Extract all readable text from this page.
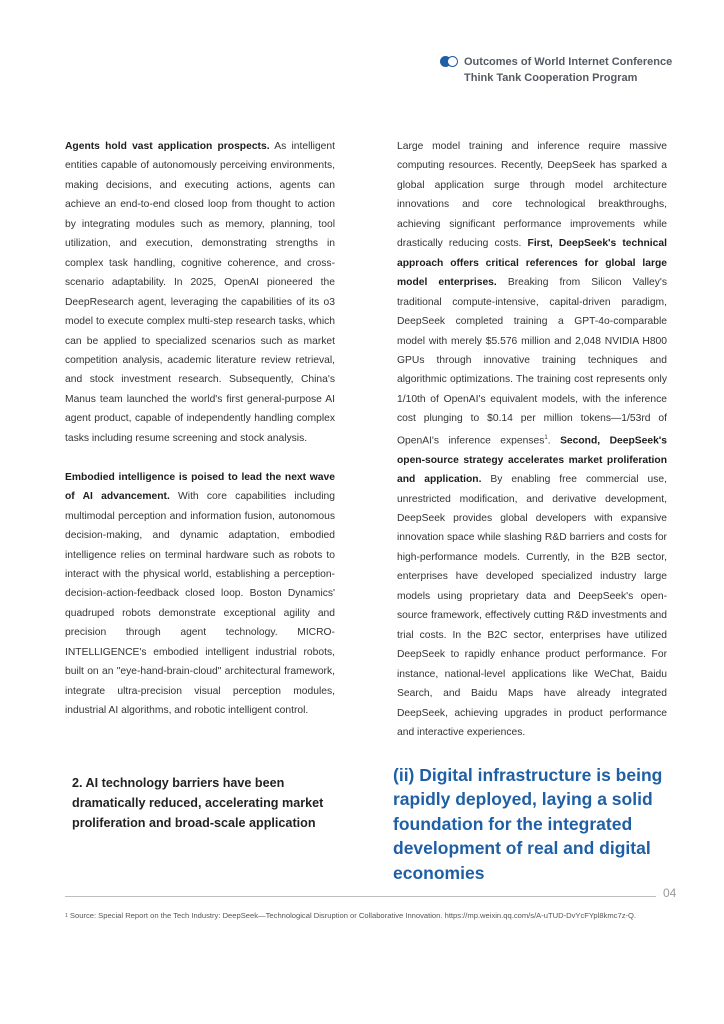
Outcomes of World Internet Conference
Think Tank Cooperation Program

Agents hold vast application prospects. As intelligent entities capable of autonomously perceiving environments, making decisions, and executing actions, agents can achieve an end-to-end closed loop from thought to action by integrating modules such as memory, planning, tool utilization, and execution, demonstrating strengths in complex task handling, cognitive coherence, and cross-scenario adaptability. In 2025, OpenAI pioneered the DeepResearch agent, leveraging the capabilities of its o3 model to execute complex multi-step research tasks, which can be applied to specialized scenarios such as market competition analysis, academic literature review retrieval, and stock investment research. Subsequently, China's Manus team launched the world's first general-purpose AI agent product, capable of independently handling complex tasks including resume screening and stock analysis.

Embodied intelligence is poised to lead the next wave of AI advancement. With core capabilities including multimodal perception and information fusion, autonomous decision-making, and dynamic adaptation, embodied intelligence relies on terminal hardware such as robots to interact with the physical world, establishing a perception-decision-action-feedback closed loop. Boston Dynamics' quadruped robots demonstrate exceptional agility and precision through agent technology. MICRO-INTELLIGENCE's embodied intelligent industrial robots, built on an "eye-hand-brain-cloud" architectural framework, integrate ultra-precision visual perception modules, industrial AI algorithms, and robotic intelligent control.

2. AI technology barriers have been dramatically reduced, accelerating market proliferation and broad-scale application

Large model training and inference require massive computing resources. Recently, DeepSeek has sparked a global application surge through model architecture innovations and core technological breakthroughs, achieving significant performance improvements while drastically reducing costs. First, DeepSeek's technical approach offers critical references for global large model enterprises. Breaking from Silicon Valley's traditional compute-intensive, capital-driven paradigm, DeepSeek completed training a GPT-4o-comparable model with merely $5.576 million and 2,048 NVIDIA H800 GPUs through innovative training techniques and algorithmic optimizations. The training cost represents only 1/10th of OpenAI's equivalent models, with the inference cost plunging to $0.14 per million tokens—1/53rd of OpenAI's inference expenses$^1$. Second, DeepSeek's open-source strategy accelerates market proliferation and application. By enabling free commercial use, unrestricted modification, and derivative development, DeepSeek provides global developers with expansive innovation space while slashing R&D barriers and costs for high-performance models. Currently, in the B2B sector, enterprises have developed specialized industry large models using proprietary data and DeepSeek's open-source framework, effectively cutting R&D investments and trial costs. In the B2C sector, enterprises have utilized DeepSeek to rapidly enhance product performance. For instance, national-level applications like WeChat, Baidu Search, and Baidu Maps have already integrated DeepSeek, achieving upgrades in product performance and interactive experiences.

(ii) Digital infrastructure is being rapidly deployed, laying a solid foundation for the integrated development of real and digital economies
04
$^1$ Source: Special Report on the Tech Industry: DeepSeek—Technological Disruption or Collaborative Innovation. https://mp.weixin.qq.com/s/A-uTUD-DvYcFYpl8kmc7z-Q.
